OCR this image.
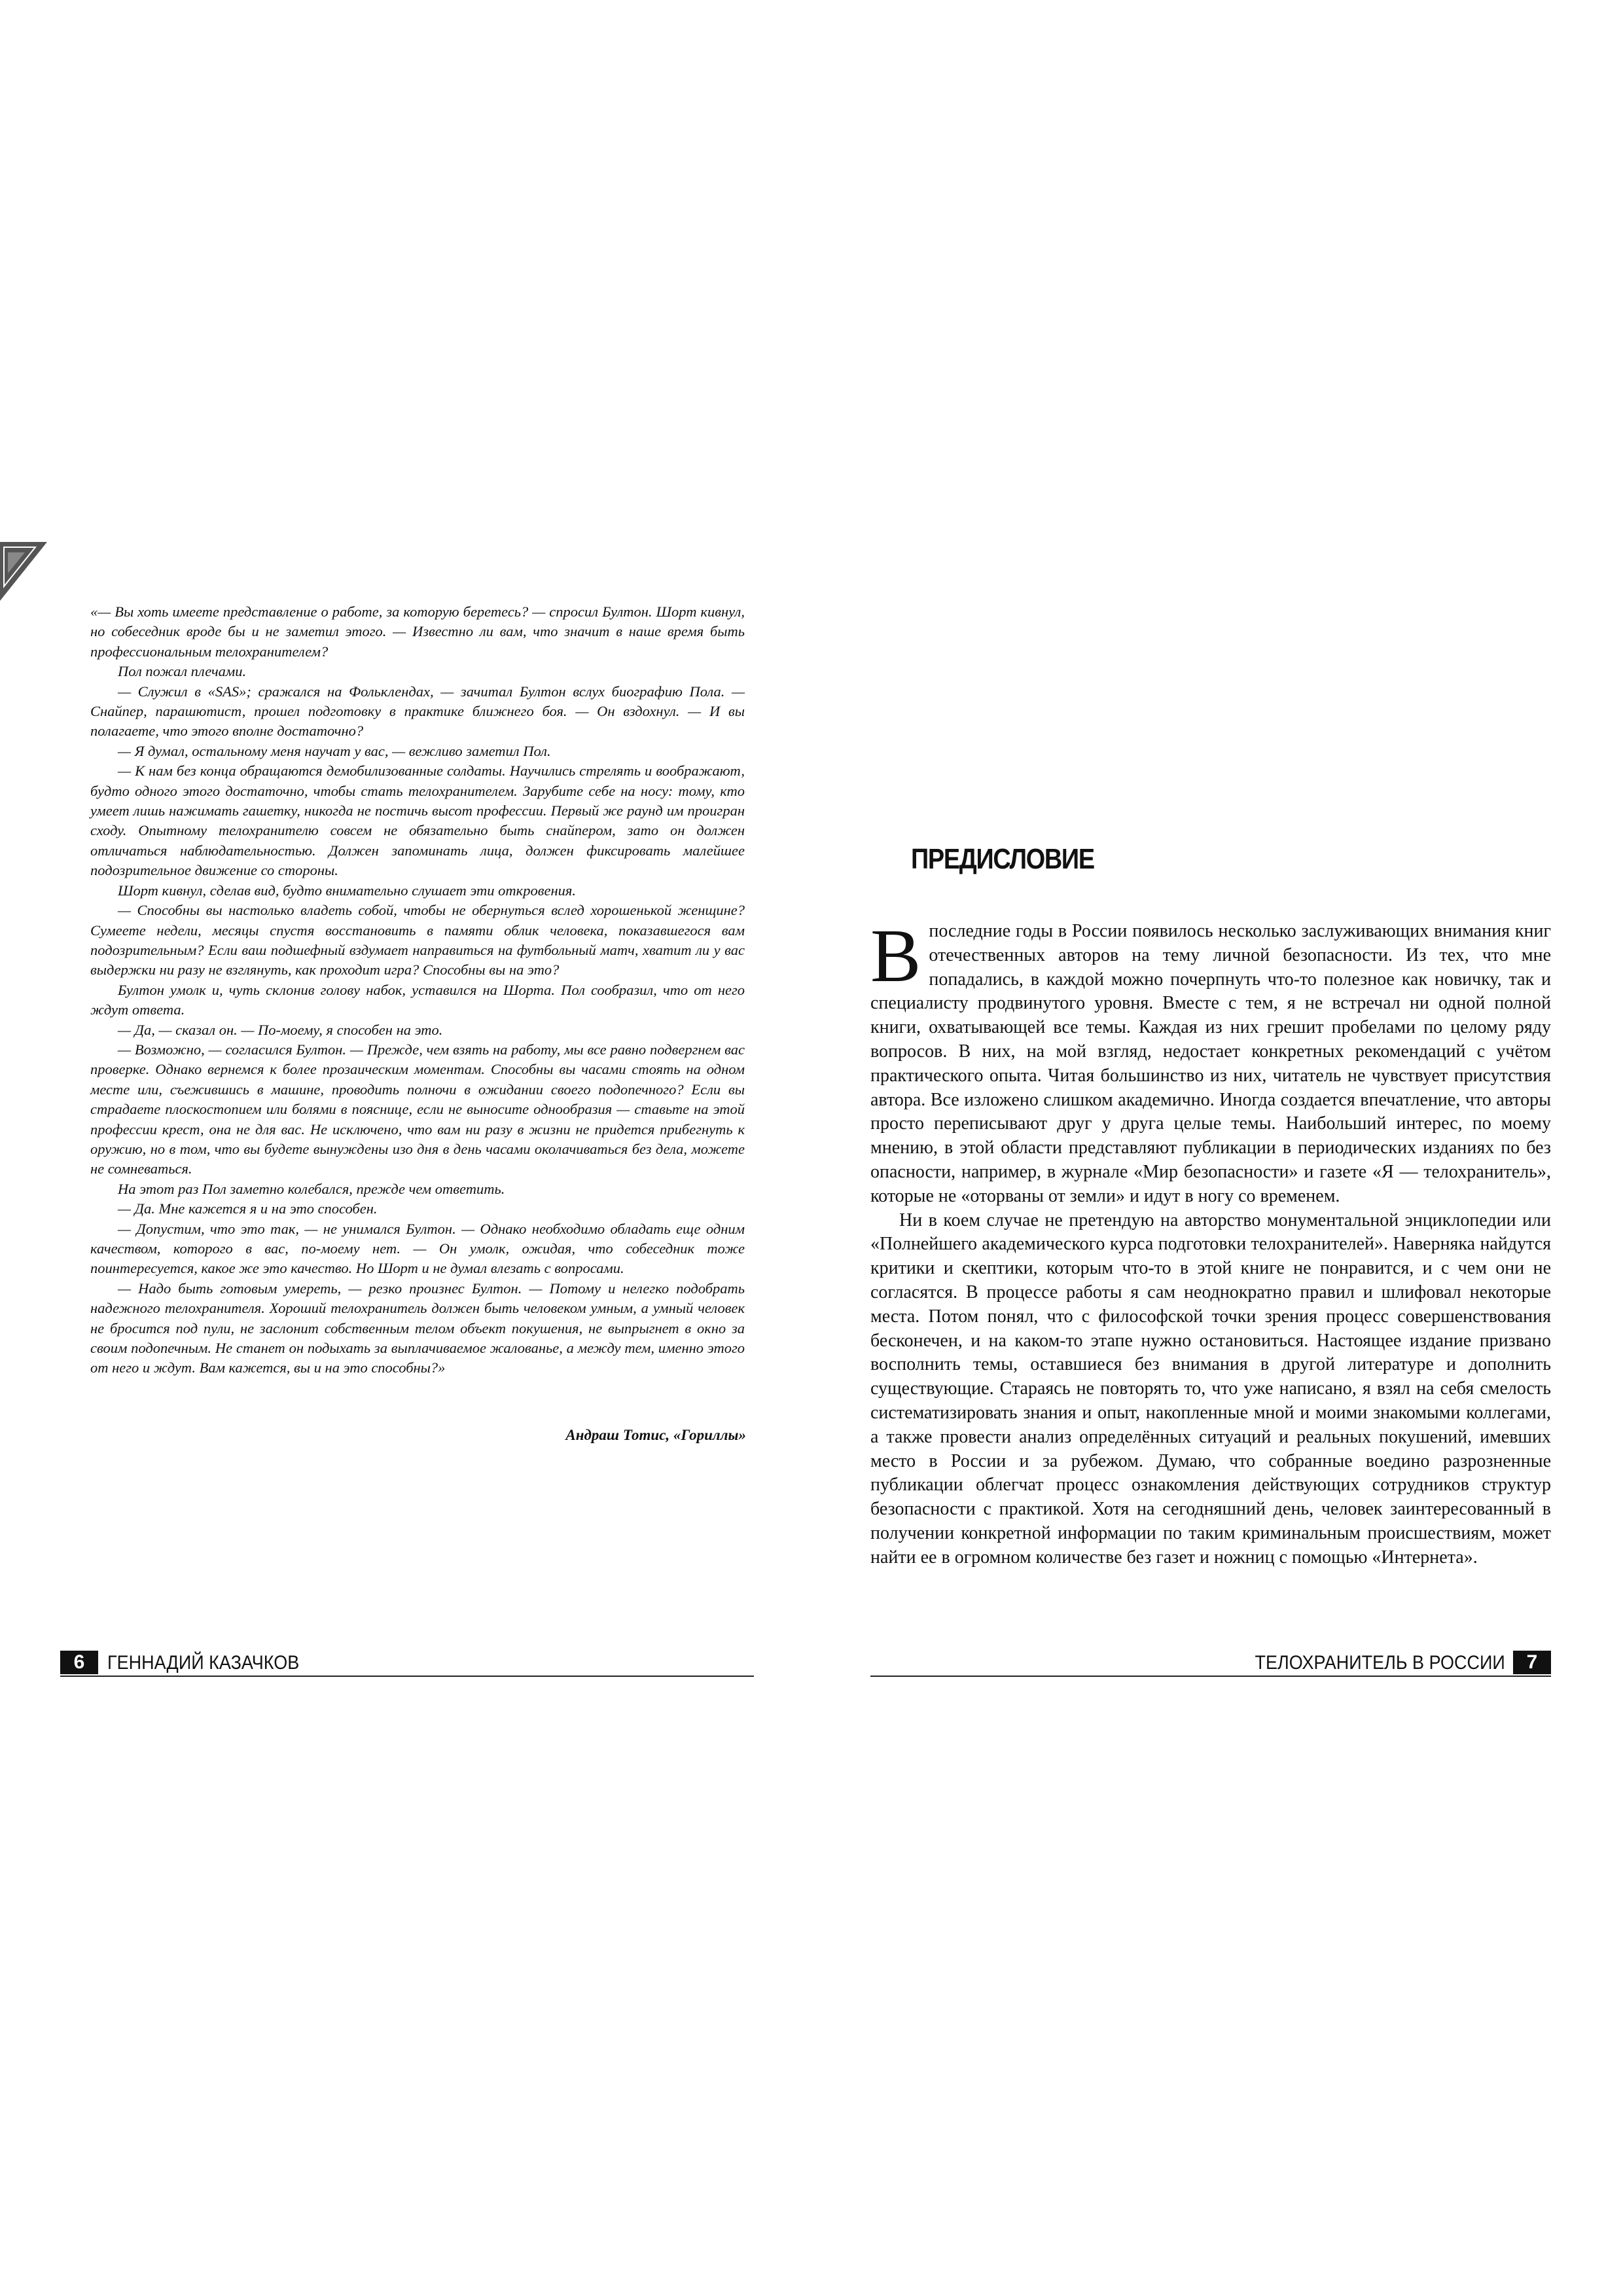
«— Вы хоть имеете представление о работе, за которую беретесь? — спросил Бултон. Шорт кивнул, но собеседник вроде бы и не заметил этого. — Известно ли вам, что значит в наше время быть профессиональным телохранителем?

Пол пожал плечами.

— Служил в «SAS»; сражался на Фольклендах, — зачитал Бултон вслух биографию Пола. — Снайпер, парашютист, прошел подготовку в практике ближнего боя. — Он вздохнул. — И вы полагаете, что этого вполне достаточно?

— Я думал, остальному меня научат у вас, — вежливо заметил Пол.

— К нам без конца обращаются демобилизованные солдаты. Научились стрелять и воображают, будто одного этого достаточно, чтобы стать телохранителем. Зарубите себе на носу: тому, кто умеет лишь нажимать гашетку, никогда не постичь высот профессии. Первый же раунд им проигран сходу. Опытному телохранителю совсем не обязательно быть снайпером, зато он должен отличаться наблюдательностью. Должен запоминать лица, должен фиксировать малейшее подозрительное движение со стороны.

Шорт кивнул, сделав вид, будто внимательно слушает эти откровения.

— Способны вы настолько владеть собой, чтобы не обернуться вслед хорошенькой женщине? Сумеете недели, месяцы спустя восстановить в памяти облик человека, показавшегося вам подозрительным? Если ваш подшефный вздумает направиться на футбольный матч, хватит ли у вас выдержки ни разу не взглянуть, как проходит игра? Способны вы на это?

Бултон умолк и, чуть склонив голову набок, уставился на Шорта. Пол сообразил, что от него ждут ответа.

— Да, — сказал он. — По-моему, я способен на это.

— Возможно, — согласился Бултон. — Прежде, чем взять на работу, мы все равно подвергнем вас проверке. Однако вернемся к более прозаическим моментам. Способны вы часами стоять на одном месте или, съежившись в машине, проводить полночи в ожидании своего подопечного? Если вы страдаете плоскостопием или болями в пояснице, если не выносите однообразия — ставьте на этой профессии крест, она не для вас. Не исключено, что вам ни разу в жизни не придется прибегнуть к оружию, но в том, что вы будете вынуждены изо дня в день часами околачиваться без дела, можете не сомневаться.

На этот раз Пол заметно колебался, прежде чем ответить.

— Да. Мне кажется я и на это способен.

— Допустим, что это так, — не унимался Бултон. — Однако необходимо обладать еще одним качеством, которого в вас, по-моему нет. — Он умолк, ожидая, что собеседник тоже поинтересуется, какое же это качество. Но Шорт и не думал влезать с вопросами.

— Надо быть готовым умереть, — резко произнес Бултон. — Потому и нелегко подобрать надежного телохранителя. Хороший телохранитель должен быть человеком умным, а умный человек не бросится под пули, не заслонит собственным телом объект покушения, не выпрыгнет в окно за своим подопечным. Не станет он подыхать за выплачиваемое жалованье, а между тем, именно этого от него и ждут. Вам кажется, вы и на это способны?»

Андраш Тотис, «Гориллы»
ПРЕДИСЛОВИЕ

Впоследние годы в России появилось несколько заслуживающих внимания книг отечественных авторов на тему личной безопасности. Из тех, что мне попадались, в каждой можно почерпнуть что-то полезное как новичку, так и специалисту продвинутого уровня. Вместе с тем, я не встречал ни одной полной книги, охватывающей все темы. Каждая из них грешит пробелами по целому ряду вопросов. В них, на мой взгляд, недостает конкретных рекомендаций с учётом практического опыта. Читая большинство из них, читатель не чувствует присутствия автора. Все изложено слишком академично. Иногда создается впечатление, что авторы просто переписывают друг у друга целые темы. Наибольший интерес, по моему мнению, в этой области представляют публикации в периодических изданиях по без опасности, например, в журнале «Мир безопасности» и газете «Я — телохранитель», которые не «оторваны от земли» и идут в ногу со временем.

Ни в коем случае не претендую на авторство монументальной энциклопедии или «Полнейшего академического курса подготовки телохранителей». Наверняка найдутся критики и скептики, которым что-то в этой книге не понравится, и с чем они не согласятся. В процессе работы я сам неоднократно правил и шлифовал некоторые места. Потом понял, что с философской точки зрения процесс совершенствования бесконечен, и на каком-то этапе нужно остановиться. Настоящее издание призвано восполнить темы, оставшиеся без внимания в другой литературе и дополнить существующие. Стараясь не повторять то, что уже написано, я взял на себя смелость систематизировать знания и опыт, накопленные мной и моими знакомыми коллегами, а также провести анализ определённых ситуаций и реальных покушений, имевших место в России и за рубежом. Думаю, что собранные воедино разрозненные публикации облегчат процесс ознакомления действующих сотрудников структур безопасности с практикой. Хотя на сегодняшний день, человек заинтересованный в получении конкретной информации по таким криминальным происшествиям, может найти ее в огромном количестве без газет и ножниц с помощью «Интернета».

6 ГЕННАДИЙ КАЗАЧКОВ	ТЕЛОХРАНИТЕЛЬ В РОССИИ 7
